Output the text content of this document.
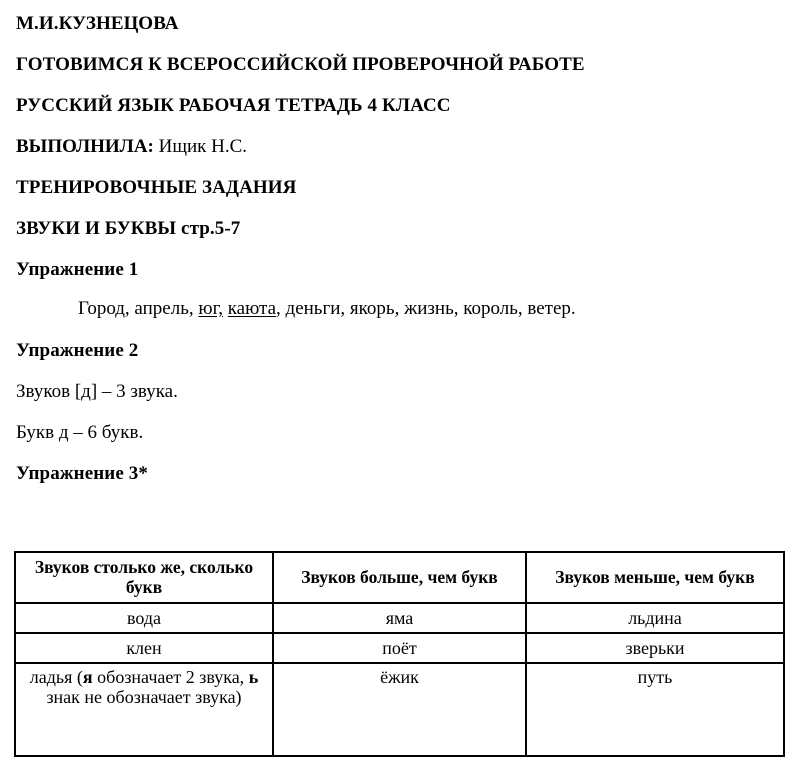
М.И.КУЗНЕЦОВА
ГОТОВИМСЯ К ВСЕРОССИЙСКОЙ ПРОВЕРОЧНОЙ РАБОТЕ
РУССКИЙ ЯЗЫК РАБОЧАЯ ТЕТРАДЬ 4 КЛАСС
ВЫПОЛНИЛА: Ищик Н.С.
ТРЕНИРОВОЧНЫЕ ЗАДАНИЯ
ЗВУКИ И БУКВЫ стр.5-7
Упражнение 1

Город, апрель, юг, каюта, деньги, якорь, жизнь, король, ветер.

Упражнение 2
Звуков [д] – 3 звука.
Букв д – 6 букв.
Упражнение 3*
Звуков столько же, сколько букв	Звуков больше, чем букв	Звуков меньше, чем букв
вода	яма	льдина
клен	поёт	зверьки
ладья (я обозначает 2 звука, ь знак не обозначает звука)	ёжик	путь
